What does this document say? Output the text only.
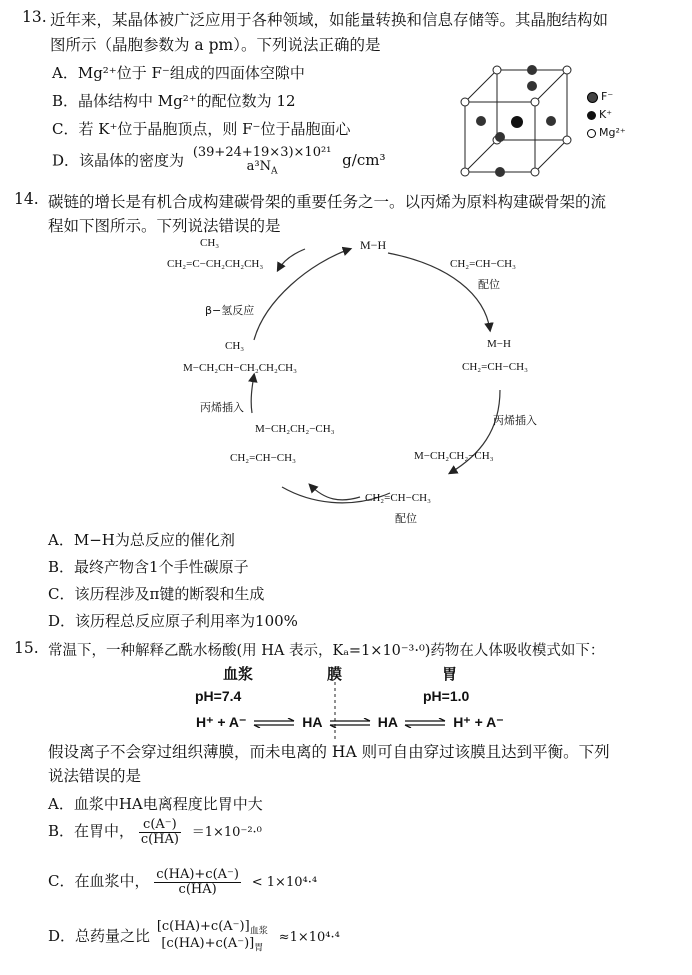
13. 近年来，某晶体被广泛应用于各种领域，如能量转换和信息存储等。其晶胞结构如
图所示（晶胞参数为 a pm）。下列说法正确的是
A．Mg²⁺位于 F⁻组成的四面体空隙中
B．晶体结构中 Mg²⁺的配位数为 12
C．若 K⁺位于晶胞顶点，则 F⁻位于晶胞面心
D．该晶体的密度为 (39+24+19×3)×10²¹
$a^3N_A$
g/cm³
F⁻
K⁺
Mg²⁺
14. 碳链的增长是有机合成构建碳骨架的重要任务之一。以丙烯为原料构建碳骨架的流
程如下图所示。下列说法错误的是
M−H
CH₂=CH−CH₃
配位
M−H
CH₂=CH−CH₃
丙烯插入
M−CH₂CH₂−CH₃
CH₂=CH−CH₃
配位
M−CH₂CH₂−CH₃
CH₂=CH−CH₃
丙烯插入
CH₃
M−CH₂CH−CH₂CH₂CH₃
β−氢反应
CH₃
CH₂=C−CH₂CH₂CH₃
A．M−H为总反应的催化剂
B．最终产物含1个手性碳原子
C．该历程涉及π键的断裂和生成
D．该历程总反应原子利用率为100%
15. 常温下，一种解释乙酰水杨酸(用 HA 表示，Kₐ=1×10⁻³·⁰)药物在人体吸收模式如下：
血浆	膜	胃
pH=7.4	pH=1.0
H⁺ + A⁻ ⇌ HA ⇌ HA ⇌ H⁺ + A⁻
假设离子不会穿过组织薄膜，而未电离的 HA 则可自由穿过该膜且达到平衡。下列
说法错误的是
A．血浆中HA电离程度比胃中大
B．在胃中， $\frac{c(A^-)}{c(HA)} =1\times 10^{-2}\cdot^0$
C．在血浆中， $\frac{c(HA)+c(A^-)}{c(HA)} < 1\times 10^4\cdot^4$
D．总药量之比
$[c(HA)+c(A^-)]_{血浆}$
$[c(HA)+c(A^-)]_胃$
≈1×10⁴·⁴
